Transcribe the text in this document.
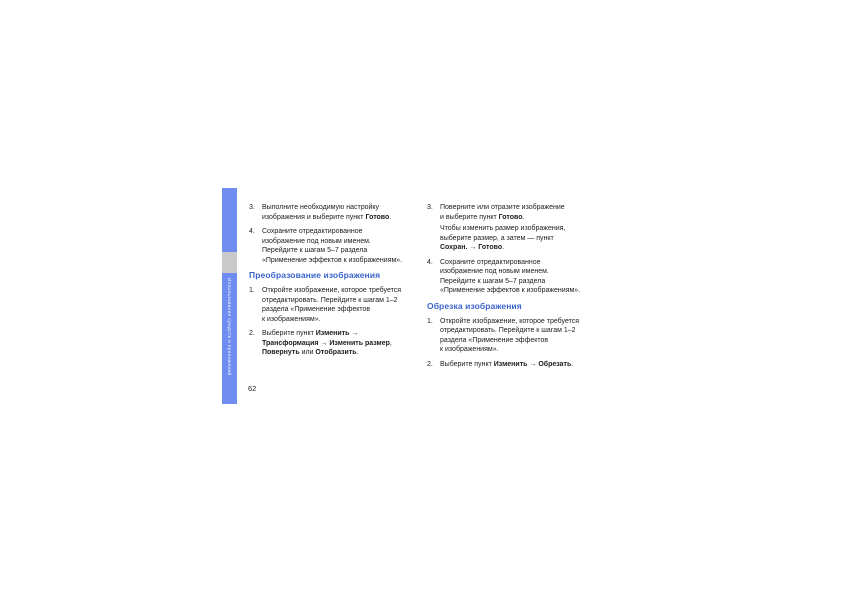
Использование средств и приложений
62
3.	Выполните необходимую настройку
изображения и выберите пункт Готово.
4.	Сохраните отредактированное
изображение под новым именем.
Перейдите к шагам 5–7 раздела
«Применение эффектов к изображениям».
Преобразование изображения
1.	Откройте изображение, которое требуется
отредактировать. Перейдите к шагам 1–2
раздела «Применение эффектов
к изображениям».
2.	Выберите пункт Изменить →
Трансформация → Изменить размер,
Повернуть или Отобразить.
3.	Поверните или отразите изображение
и выберите пункт Готово.
Чтобы изменить размер изображения,
выберите размер, а затем — пункт
Сохран. → Готово.
4.	Сохраните отредактированное
изображение под новым именем.
Перейдите к шагам 5–7 раздела
«Применение эффектов к изображениям».
Обрезка изображения
1.	Откройте изображение, которое требуется
отредактировать. Перейдите к шагам 1–2
раздела «Применение эффектов
к изображениям».
2.	Выберите пункт Изменить → Обрезать.
